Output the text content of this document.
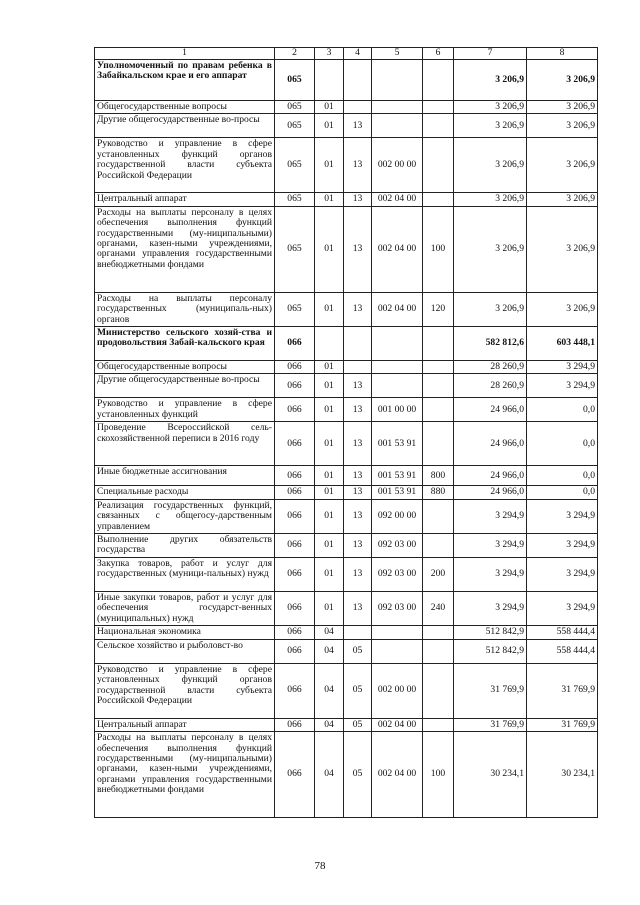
1	2	3	4	5	6	7	8
Уполномоченный по правам ребенка в Забайкальском крае и его аппарат	065					3 206,9	3 206,9
Общегосударственные вопросы	065	01				3 206,9	3 206,9
Другие общегосударственные во-просы	065	01	13			3 206,9	3 206,9
Руководство и управление в сфере установленных функций органов государственной власти субъекта Российской Федерации	065	01	13	002 00 00		3 206,9	3 206,9
Центральный аппарат	065	01	13	002 04 00		3 206,9	3 206,9
Расходы на выплаты персоналу в целях обеспечения выполнения функций государственными (му-ниципальными) органами, казен-ными учреждениями, органами управления государственными внебюджетными фондами	065	01	13	002 04 00	100	3 206,9	3 206,9
Расходы на выплаты персоналу государственных (муниципаль-ных) органов	065	01	13	002 04 00	120	3 206,9	3 206,9
Министерство сельского хозяй-ства и продовольствия Забай-кальского края	066					582 812,6	603 448,1
Общегосударственные вопросы	066	01				28 260,9	3 294,9
Другие общегосударственные во-просы	066	01	13			28 260,9	3 294,9
Руководство и управление в сфере установленных функций	066	01	13	001 00 00		24 966,0	0,0
Проведение Всероссийской сель-скохозяйственной переписи в 2016 году	066	01	13	001 53 91		24 966,0	0,0
Иные бюджетные ассигнования	066	01	13	001 53 91	800	24 966,0	0,0
Специальные расходы	066	01	13	001 53 91	880	24 966,0	0,0
Реализация государственных функций, связанных с общегосу-дарственным управлением	066	01	13	092 00 00		3 294,9	3 294,9
Выполнение других обязательств государства	066	01	13	092 03 00		3 294,9	3 294,9
Закупка товаров, работ и услуг для государственных (муници-пальных) нужд	066	01	13	092 03 00	200	3 294,9	3 294,9
Иные закупки товаров, работ и услуг для обеспечения государст-венных (муниципальных) нужд	066	01	13	092 03 00	240	3 294,9	3 294,9
Национальная экономика	066	04				512 842,9	558 444,4
Сельское хозяйство и рыболовст-во	066	04	05			512 842,9	558 444,4
Руководство и управление в сфере установленных функций органов государственной власти субъекта Российской Федерации	066	04	05	002 00 00		31 769,9	31 769,9
Центральный аппарат	066	04	05	002 04 00		31 769,9	31 769,9
Расходы на выплаты персоналу в целях обеспечения выполнения функций государственными (му-ниципальными) органами, казен-ными учреждениями, органами управления государственными внебюджетными фондами	066	04	05	002 04 00	100	30 234,1	30 234,1
78
